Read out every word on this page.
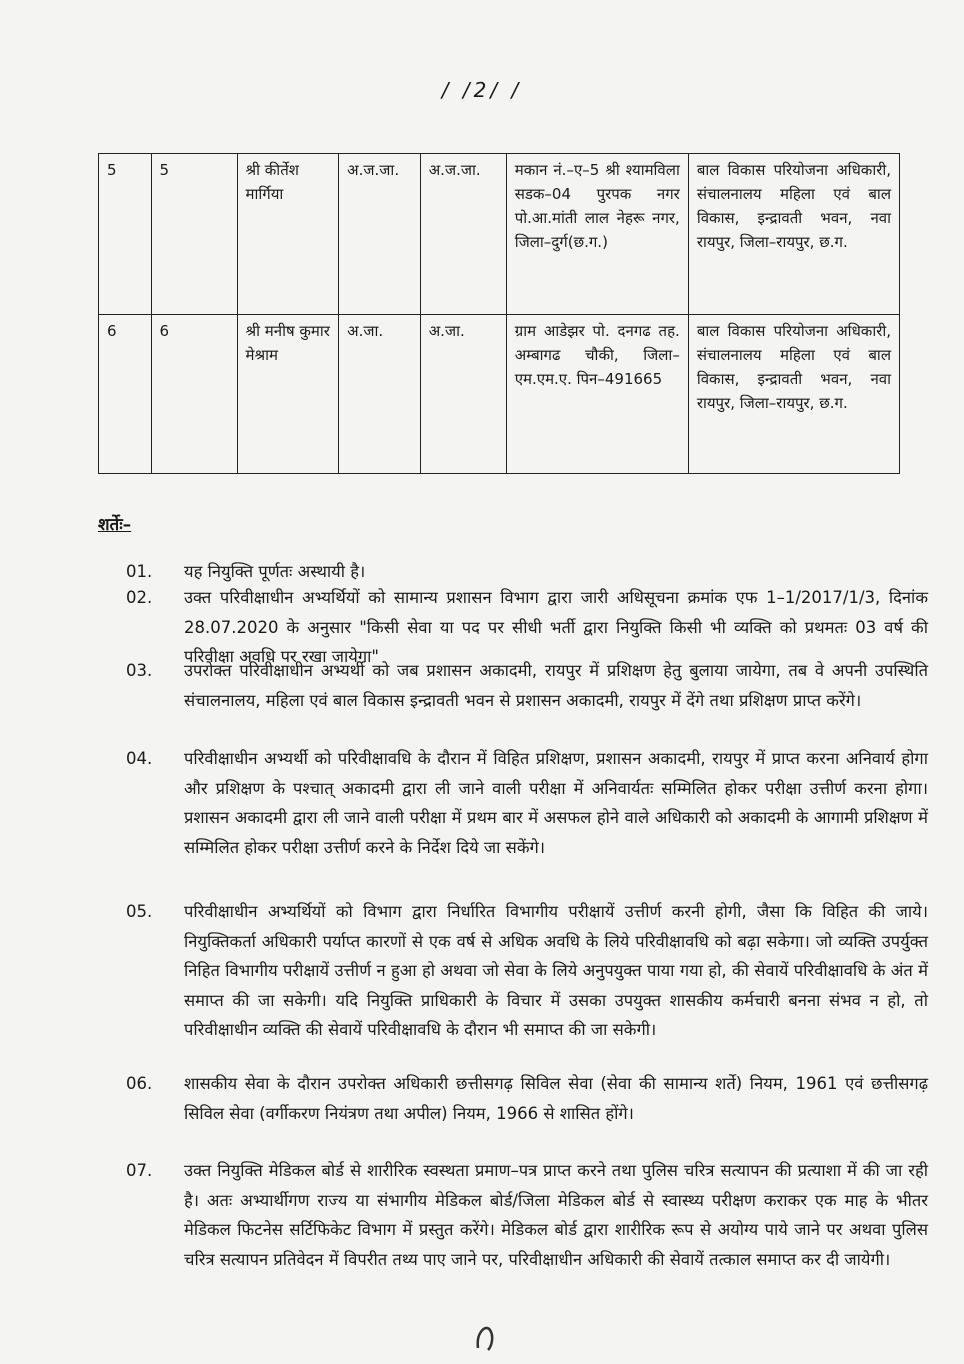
/ /2/ /
5	5	श्री कीर्तेश मार्गिया	अ.ज.जा.	अ.ज.जा.	मकान नं.–ए–5 श्री श्यामविला सडक–04 पुरपक नगर पो.आ.मांती लाल नेहरू नगर, जिला–दुर्ग(छ.ग.)	बाल विकास परियोजना अधिकारी, संचालनालय महिला एवं बाल विकास, इन्द्रावती भवन, नवा रायपुर, जिला–रायपुर, छ.ग.
6	6	श्री मनीष कुमार मेश्राम	अ.जा.	अ.जा.	ग्राम आडेझर पो. दनगढ तह. अम्बागढ चौकी, जिला–एम.एम.ए. पिन–491665	बाल विकास परियोजना अधिकारी, संचालनालय महिला एवं बाल विकास, इन्द्रावती भवन, नवा रायपुर, जिला–रायपुर, छ.ग.
शर्तेः–
01.	यह नियुक्ति पूर्णतः अस्थायी है।
02.	उक्त परिवीक्षाधीन अभ्यर्थियों को सामान्य प्रशासन विभाग द्वारा जारी अधिसूचना क्रमांक एफ 1–1/2017/1/3, दिनांक 28.07.2020 के अनुसार "किसी सेवा या पद पर सीधी भर्ती द्वारा नियुक्ति किसी भी व्यक्ति को प्रथमतः 03 वर्ष की परिवीक्षा अवधि पर रखा जायेगा"
03.	उपरोक्त परिवीक्षाधीन अभ्यर्थी को जब प्रशासन अकादमी, रायपुर में प्रशिक्षण हेतु बुलाया जायेगा, तब वे अपनी उपस्थिति संचालनालय, महिला एवं बाल विकास इन्द्रावती भवन से प्रशासन अकादमी, रायपुर में देंगे तथा प्रशिक्षण प्राप्त करेंगे।
04.	परिवीक्षाधीन अभ्यर्थी को परिवीक्षावधि के दौरान में विहित प्रशिक्षण, प्रशासन अकादमी, रायपुर में प्राप्त करना अनिवार्य होगा और प्रशिक्षण के पश्चात् अकादमी द्वारा ली जाने वाली परीक्षा में अनिवार्यतः सम्मिलित होकर परीक्षा उत्तीर्ण करना होगा। प्रशासन अकादमी द्वारा ली जाने वाली परीक्षा में प्रथम बार में असफल होने वाले अधिकारी को अकादमी के आगामी प्रशिक्षण में सम्मिलित होकर परीक्षा उत्तीर्ण करने के निर्देश दिये जा सकेंगे।
05.	परिवीक्षाधीन अभ्यर्थियों को विभाग द्वारा निर्धारित विभागीय परीक्षायें उत्तीर्ण करनी होगी, जैसा कि विहित की जाये। नियुक्तिकर्ता अधिकारी पर्याप्त कारणों से एक वर्ष से अधिक अवधि के लिये परिवीक्षावधि को बढ़ा सकेगा। जो व्यक्ति उपर्युक्त निहित विभागीय परीक्षायें उत्तीर्ण न हुआ हो अथवा जो सेवा के लिये अनुपयुक्त पाया गया हो, की सेवायें परिवीक्षावधि के अंत में समाप्त की जा सकेगी। यदि नियुक्ति प्राधिकारी के विचार में उसका उपयुक्त शासकीय कर्मचारी बनना संभव न हो, तो परिवीक्षाधीन व्यक्ति की सेवायें परिवीक्षावधि के दौरान भी समाप्त की जा सकेगी।
06.	शासकीय सेवा के दौरान उपरोक्त अधिकारी छत्तीसगढ़ सिविल सेवा (सेवा की सामान्य शर्ते) नियम, 1961 एवं छत्तीसगढ़ सिविल सेवा (वर्गीकरण नियंत्रण तथा अपील) नियम, 1966 से शासित होंगे।
07.	उक्त नियुक्ति मेडिकल बोर्ड से शारीरिक स्वस्थता प्रमाण–पत्र प्राप्त करने तथा पुलिस चरित्र सत्यापन की प्रत्याशा में की जा रही है। अतः अभ्यार्थीगण राज्य या संभागीय मेडिकल बोर्ड/जिला मेडिकल बोर्ड से स्वास्थ्य परीक्षण कराकर एक माह के भीतर मेडिकल फिटनेस सर्टिफिकेट विभाग में प्रस्तुत करेंगे। मेडिकल बोर्ड द्वारा शारीरिक रूप से अयोग्य पाये जाने पर अथवा पुलिस चरित्र सत्यापन प्रतिवेदन में विपरीत तथ्य पाए जाने पर, परिवीक्षाधीन अधिकारी की सेवायें तत्काल समाप्त कर दी जायेगी।
